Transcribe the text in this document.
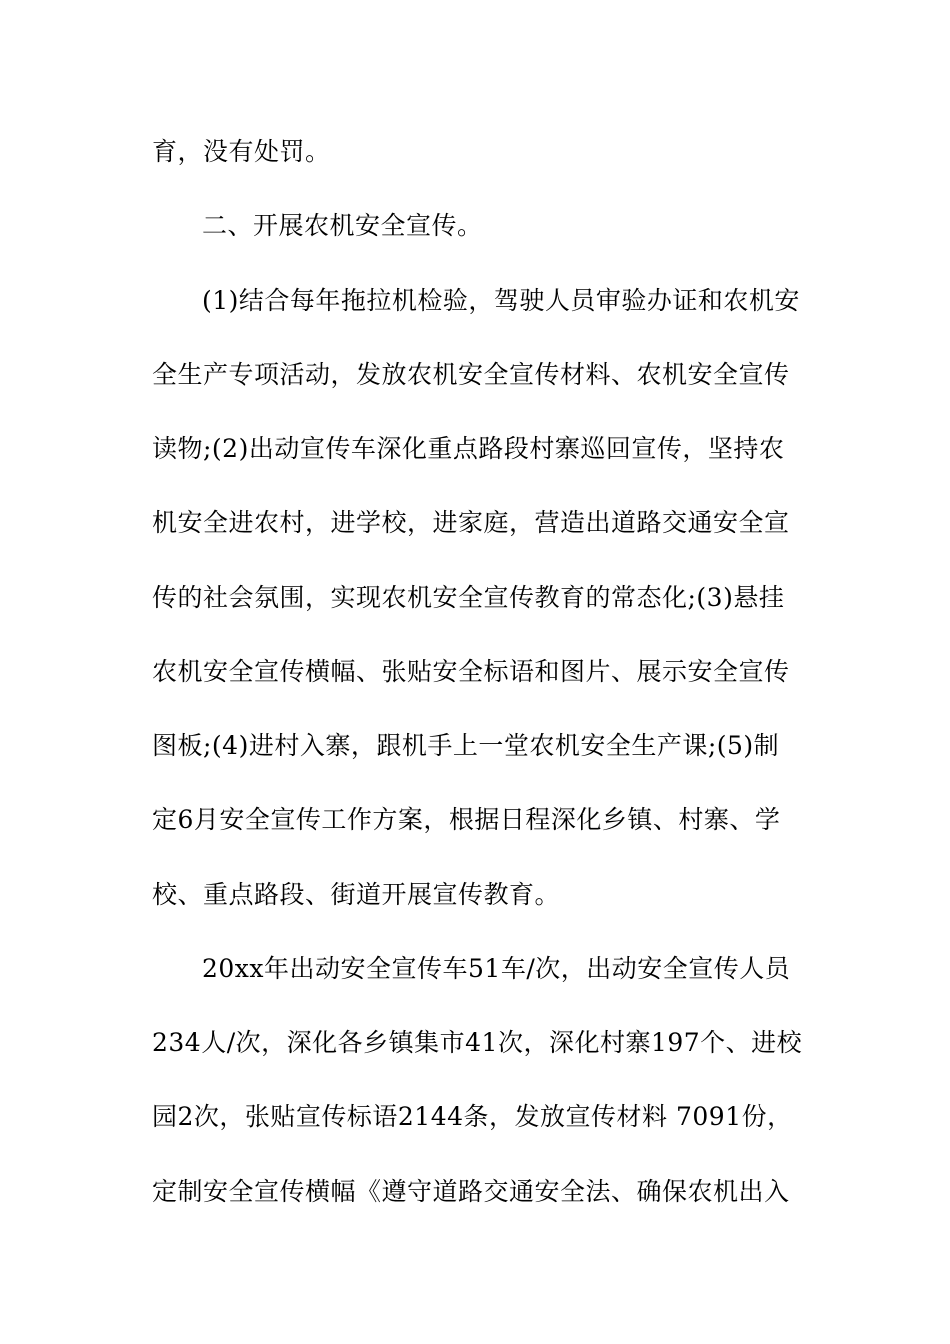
育，没有处罚。
二、开展农机安全宣传。
(1)结合每年拖拉机检验，驾驶人员审验办证和农机安
全生产专项活动，发放农机安全宣传材料、农机安全宣传
读物;(2)出动宣传车深化重点路段村寨巡回宣传，坚持农
机安全进农村，进学校，进家庭，营造出道路交通安全宣
传的社会氛围，实现农机安全宣传教育的常态化;(3)悬挂
农机安全宣传横幅、张贴安全标语和图片、展示安全宣传
图板;(4)进村入寨，跟机手上一堂农机安全生产课;(5)制
定6月安全宣传工作方案，根据日程深化乡镇、村寨、学
校、重点路段、街道开展宣传教育。
20xx年出动安全宣传车51车/次，出动安全宣传人员
234人/次，深化各乡镇集市41次，深化村寨197个、进校
园2次，张贴宣传标语2144条，发放宣传材料 7091份，
定制安全宣传横幅《遵守道路交通安全法、确保农机出入
